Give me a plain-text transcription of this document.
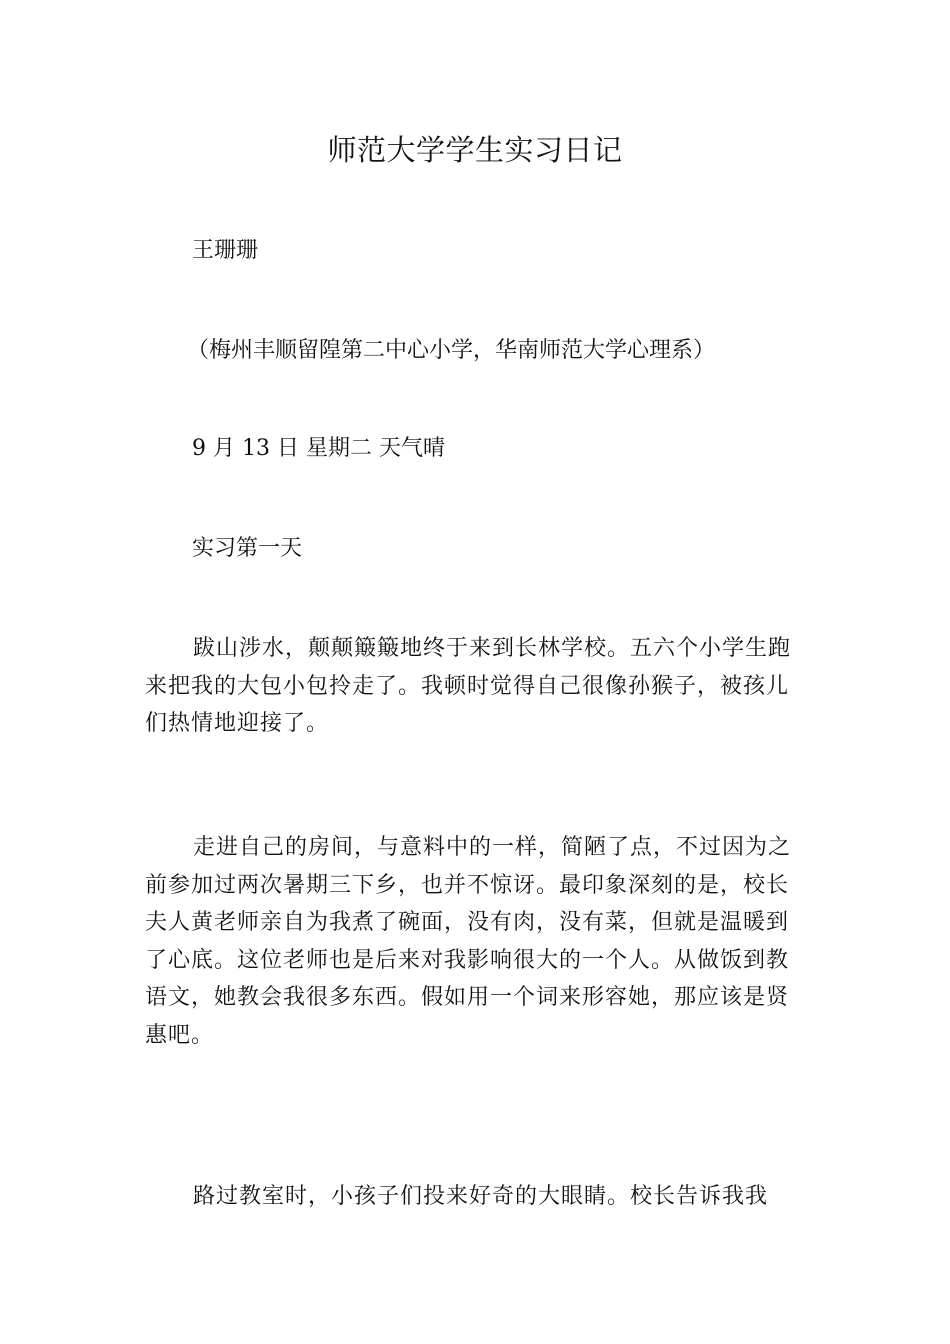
师范大学学生实习日记

王珊珊

（梅州丰顺留隍第二中心小学，华南师范大学心理系）

9 月 13 日 星期二 天气晴

实习第一天

跋山涉水，颠颠簸簸地终于来到长林学校。五六个小学生跑来把我的大包小包拎走了。我顿时觉得自己很像孙猴子，被孩儿们热情地迎接了。

走进自己的房间，与意料中的一样，简陋了点，不过因为之前参加过两次暑期三下乡，也并不惊讶。最印象深刻的是，校长夫人黄老师亲自为我煮了碗面，没有肉，没有菜，但就是温暖到了心底。这位老师也是后来对我影响很大的一个人。从做饭到教语文，她教会我很多东西。假如用一个词来形容她，那应该是贤惠吧。

路过教室时，小孩子们投来好奇的大眼睛。校长告诉我我
